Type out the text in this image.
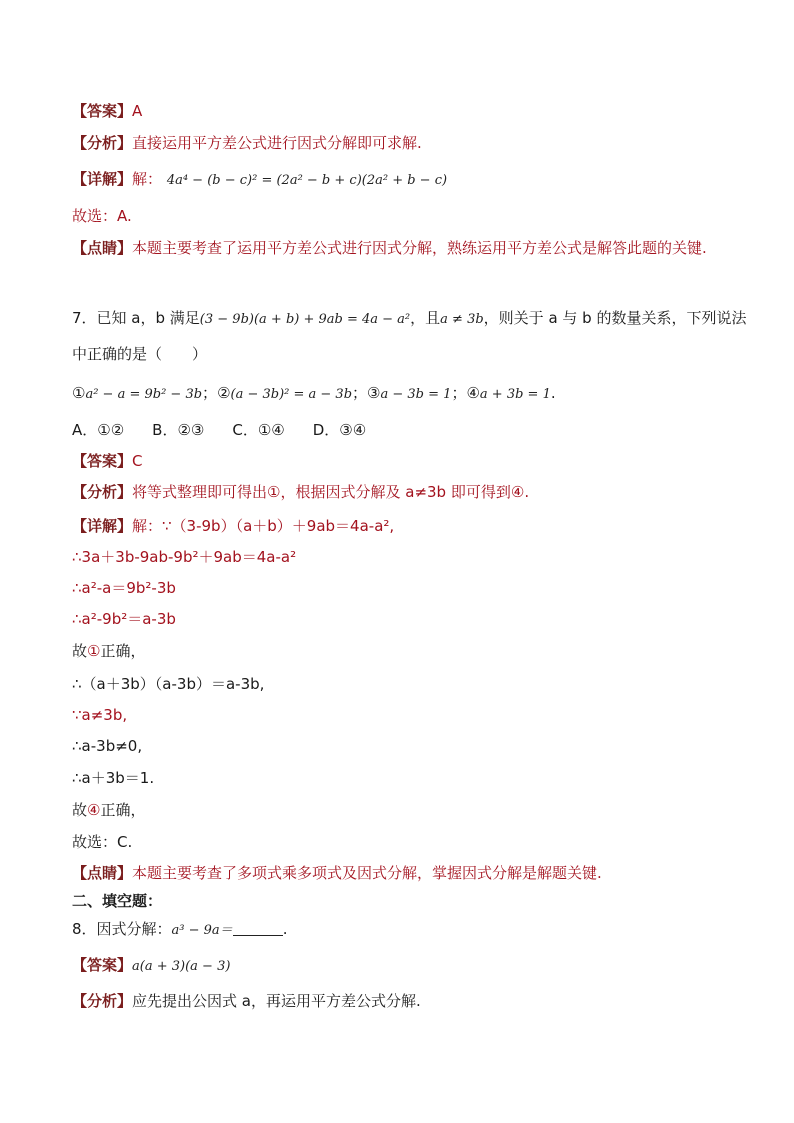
【答案】A
【分析】直接运用平方差公式进行因式分解即可求解.
【详解】解： 4a⁴ − (b − c)² = (2a² − b + c)(2a² + b − c)
故选：A.
【点睛】本题主要考查了运用平方差公式进行因式分解，熟练运用平方差公式是解答此题的关键.
7．已知 a，b 满足(3 − 9b)(a + b) + 9ab = 4a − a²，且a ≠ 3b，则关于 a 与 b 的数量关系，下列说法
中正确的是（　　）
①a² − a = 9b² − 3b；②(a − 3b)² = a − 3b；③a − 3b = 1；④a + 3b = 1.
A．①② B．②③ C．①④ D．③④
【答案】C
【分析】将等式整理即可得出①，根据因式分解及 a≠3b 即可得到④.
【详解】解：∵（3-9b）（a＋b）＋9ab＝4a-a²,
∴3a＋3b-9ab-9b²＋9ab＝4a-a²
∴a²-a＝9b²-3b
∴a²-9b²＝a-3b
故①正确，
∴（a＋3b）（a-3b）＝a-3b,
∵a≠3b,
∴a-3b≠0,
∴a＋3b＝1.
故④正确，
故选：C.
【点睛】本题主要考查了多项式乘多项式及因式分解，掌握因式分解是解题关键.
二、填空题：
8．因式分解：a³ − 9a＝	.
【答案】a(a + 3)(a − 3)
【分析】应先提出公因式 a，再运用平方差公式分解.
